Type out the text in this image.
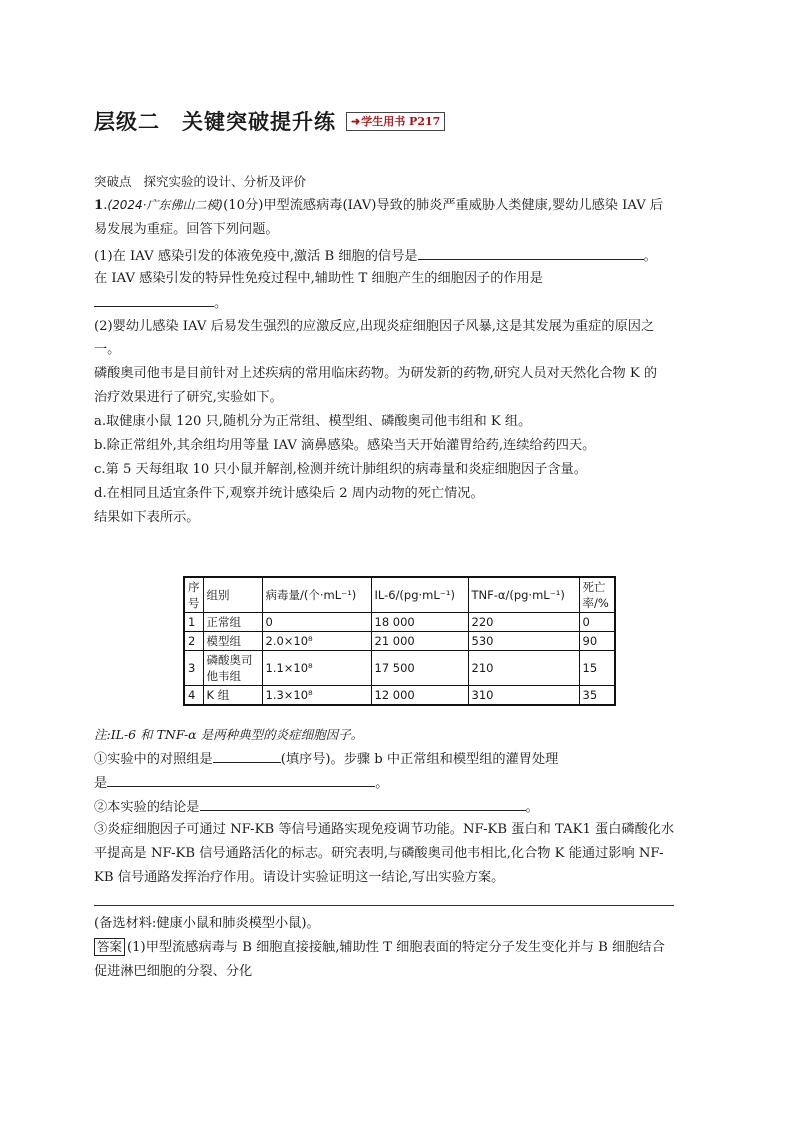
层级二 关键突破提升练	➜学生用书 P217
突破点 探究实验的设计、分析及评价
1.(2024·广东佛山二模)(10分)甲型流感病毒(IAV)导致的肺炎严重威胁人类健康,婴幼儿感染 IAV 后
易发展为重症。回答下列问题。
(1)在 IAV 感染引发的体液免疫中,激活 B 细胞的信号是	。
在 IAV 感染引发的特异性免疫过程中,辅助性 T 细胞产生的细胞因子的作用是
。
(2)婴幼儿感染 IAV 后易发生强烈的应激反应,出现炎症细胞因子风暴,这是其发展为重症的原因之
一。
磷酸奥司他韦是目前针对上述疾病的常用临床药物。为研发新的药物,研究人员对天然化合物 K 的
治疗效果进行了研究,实验如下。
a.取健康小鼠 120 只,随机分为正常组、模型组、磷酸奥司他韦组和 K 组。
b.除正常组外,其余组均用等量 IAV 滴鼻感染。感染当天开始灌胃给药,连续给药四天。
c.第 5 天每组取 10 只小鼠并解剖,检测并统计肺组织的病毒量和炎症细胞因子含量。
d.在相同且适宜条件下,观察并统计感染后 2 周内动物的死亡情况。
结果如下表所示。
序号	组别	病毒量/(个·mL⁻¹)	IL-6/(pg·mL⁻¹)	TNF-α/(pg·mL⁻¹)	死亡率/%
1	正常组	0	18 000	220	0
2	模型组	2.0×10⁸	21 000	530	90
3	磷酸奥司他韦组	1.1×10⁸	17 500	210	15
4	K 组	1.3×10⁸	12 000	310	35
注:IL-6 和 TNF-α 是两种典型的炎症细胞因子。
①实验中的对照组是	(填序号)。步骤 b 中正常组和模型组的灌胃处理
是	。
②本实验的结论是	。
③炎症细胞因子可通过 NF-KB 等信号通路实现免疫调节功能。NF-KB 蛋白和 TAK1 蛋白磷酸化水
平提高是 NF-KB 信号通路活化的标志。研究表明,与磷酸奥司他韦相比,化合物 K 能通过影响 NF-
KB 信号通路发挥治疗作用。请设计实验证明这一结论,写出实验方案。
(备选材料:健康小鼠和肺炎模型小鼠)。
答案 (1)甲型流感病毒与 B 细胞直接接触,辅助性 T 细胞表面的特定分子发生变化并与 B 细胞结合
促进淋巴细胞的分裂、分化
